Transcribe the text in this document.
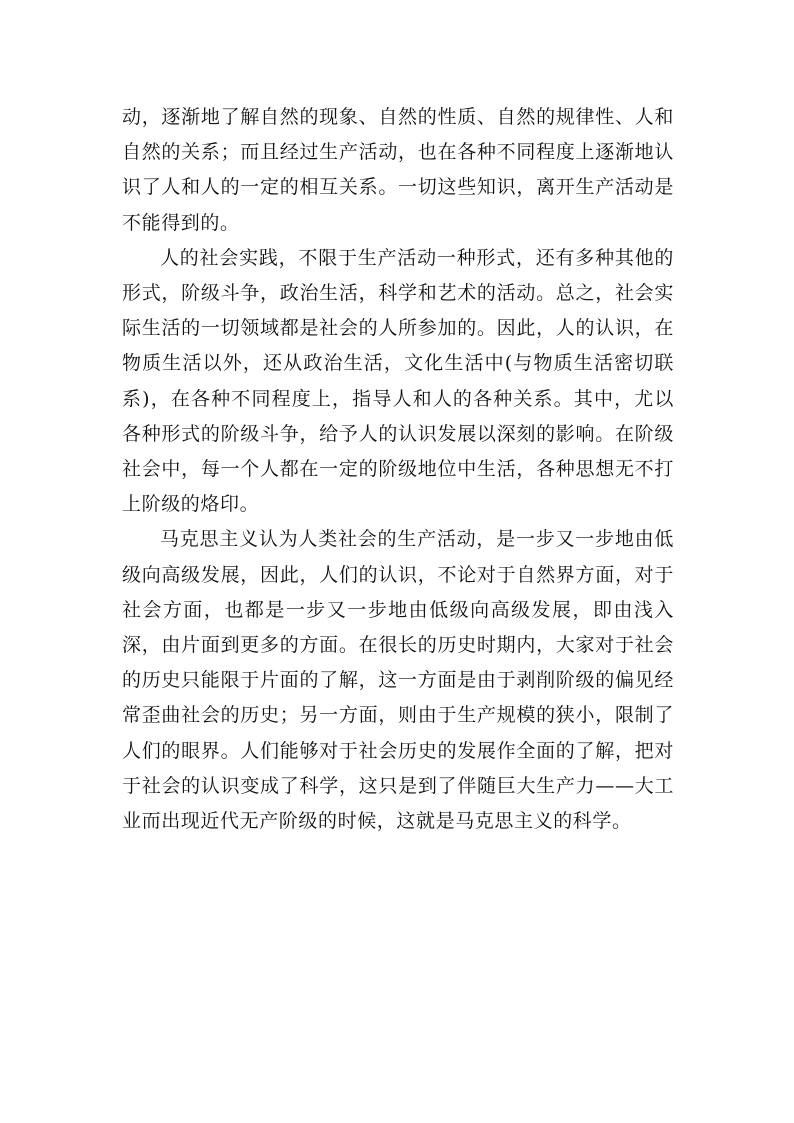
动，逐渐地了解自然的现象、自然的性质、自然的规律性、人和自然的关系；而且经过生产活动，也在各种不同程度上逐渐地认识了人和人的一定的相互关系。一切这些知识，离开生产活动是不能得到的。

人的社会实践，不限于生产活动一种形式，还有多种其他的形式，阶级斗争，政治生活，科学和艺术的活动。总之，社会实际生活的一切领域都是社会的人所参加的。因此，人的认识，在物质生活以外，还从政治生活，文化生活中(与物质生活密切联系)，在各种不同程度上，指导人和人的各种关系。其中，尤以各种形式的阶级斗争，给予人的认识发展以深刻的影响。在阶级社会中，每一个人都在一定的阶级地位中生活，各种思想无不打上阶级的烙印。

马克思主义认为人类社会的生产活动，是一步又一步地由低级向高级发展，因此，人们的认识，不论对于自然界方面，对于社会方面，也都是一步又一步地由低级向高级发展，即由浅入深，由片面到更多的方面。在很长的历史时期内，大家对于社会的历史只能限于片面的了解，这一方面是由于剥削阶级的偏见经常歪曲社会的历史；另一方面，则由于生产规模的狭小，限制了人们的眼界。人们能够对于社会历史的发展作全面的了解，把对于社会的认识变成了科学，这只是到了伴随巨大生产力——大工业而出现近代无产阶级的时候，这就是马克思主义的科学。
